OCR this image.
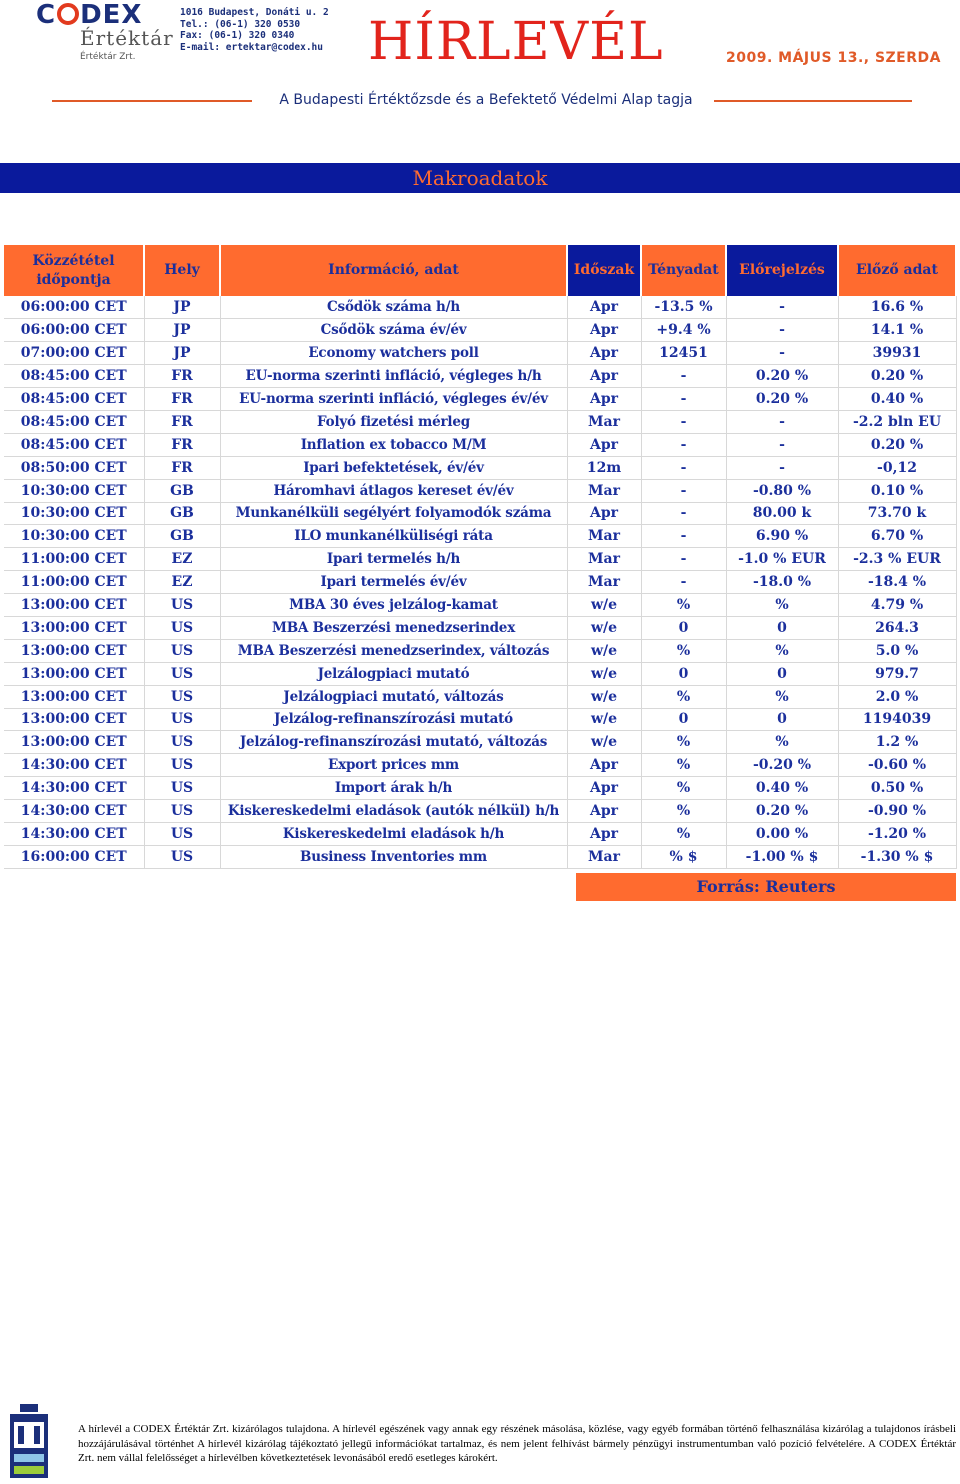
C DEX
Értéktár
Értéktár Zrt.
1016 Budapest, Donáti u. 2
Tel.: (06-1) 320 0530
Fax: (06-1) 320 0340
E-mail: ertektar@codex.hu HÍRLEVÉL	2009. MÁJUS 13., SZERDA
A Budapesti Értéktőzsde és a Befektető Védelmi Alap tagja
Makroadatok
Közzététel időpontja	Hely	Információ, adat	Időszak	Tényadat	Előrejelzés	Előző adat
06:00:00 CET	JP	Csődök száma h/h	Apr	-13.5 %	-	16.6 %
06:00:00 CET	JP	Csődök száma év/év	Apr	+9.4 %	-	14.1 %
07:00:00 CET	JP	Economy watchers poll	Apr	12451	-	39931
08:45:00 CET	FR	EU-norma szerinti infláció, végleges h/h	Apr	-	0.20 %	0.20 %
08:45:00 CET	FR	EU-norma szerinti infláció, végleges év/év	Apr	-	0.20 %	0.40 %
08:45:00 CET	FR	Folyó fizetési mérleg	Mar	-	-	-2.2 bln EU
08:45:00 CET	FR	Inflation ex tobacco M/M	Apr	-	-	0.20 %
08:50:00 CET	FR	Ipari befektetések, év/év	12m	-	-	-0,12
10:30:00 CET	GB	Háromhavi átlagos kereset év/év	Mar	-	-0.80 %	0.10 %
10:30:00 CET	GB	Munkanélküli segélyért folyamodók száma	Apr	-	80.00 k	73.70 k
10:30:00 CET	GB	ILO munkanélküliségi ráta	Mar	-	6.90 %	6.70 %
11:00:00 CET	EZ	Ipari termelés h/h	Mar	-	-1.0 % EUR	-2.3 % EUR
11:00:00 CET	EZ	Ipari termelés év/év	Mar	-	-18.0 %	-18.4 %
13:00:00 CET	US	MBA 30 éves jelzálog-kamat	w/e	%	%	4.79 %
13:00:00 CET	US	MBA Beszerzési menedzserindex	w/e	0	0	264.3
13:00:00 CET	US	MBA Beszerzési menedzserindex, változás	w/e	%	%	5.0 %
13:00:00 CET	US	Jelzálogpiaci mutató	w/e	0	0	979.7
13:00:00 CET	US	Jelzálogpiaci mutató, változás	w/e	%	%	2.0 %
13:00:00 CET	US	Jelzálog-refinanszírozási mutató	w/e	0	0	1194039
13:00:00 CET	US	Jelzálog-refinanszírozási mutató, változás	w/e	%	%	1.2 %
14:30:00 CET	US	Export prices mm	Apr	%	-0.20 %	-0.60 %
14:30:00 CET	US	Import árak h/h	Apr	%	0.40 %	0.50 %
14:30:00 CET	US	Kiskereskedelmi eladások (autók nélkül) h/h	Apr	%	0.20 %	-0.90 %
14:30:00 CET	US	Kiskereskedelmi eladások h/h	Apr	%	0.00 %	-1.20 %
16:00:00 CET	US	Business Inventories mm	Mar	% $	-1.00 % $	-1.30 % $
Forrás: Reuters
A hírlevél a CODEX Értéktár Zrt. kizárólagos tulajdona. A hírlevél egészének vagy annak egy részének másolása, közlése, vagy egyéb formában történő felhasználása kizárólag a tulajdonos írásbeli hozzájárulásával történhet A hírlevél kizárólag tájékoztató jellegű információkat tartalmaz, és nem jelent felhívást bármely pénzügyi instrumentumban való pozíció felvételére. A CODEX Értéktár Zrt. nem vállal felelősséget a hírlevélben következtetések levonásából eredő esetleges károkért.
